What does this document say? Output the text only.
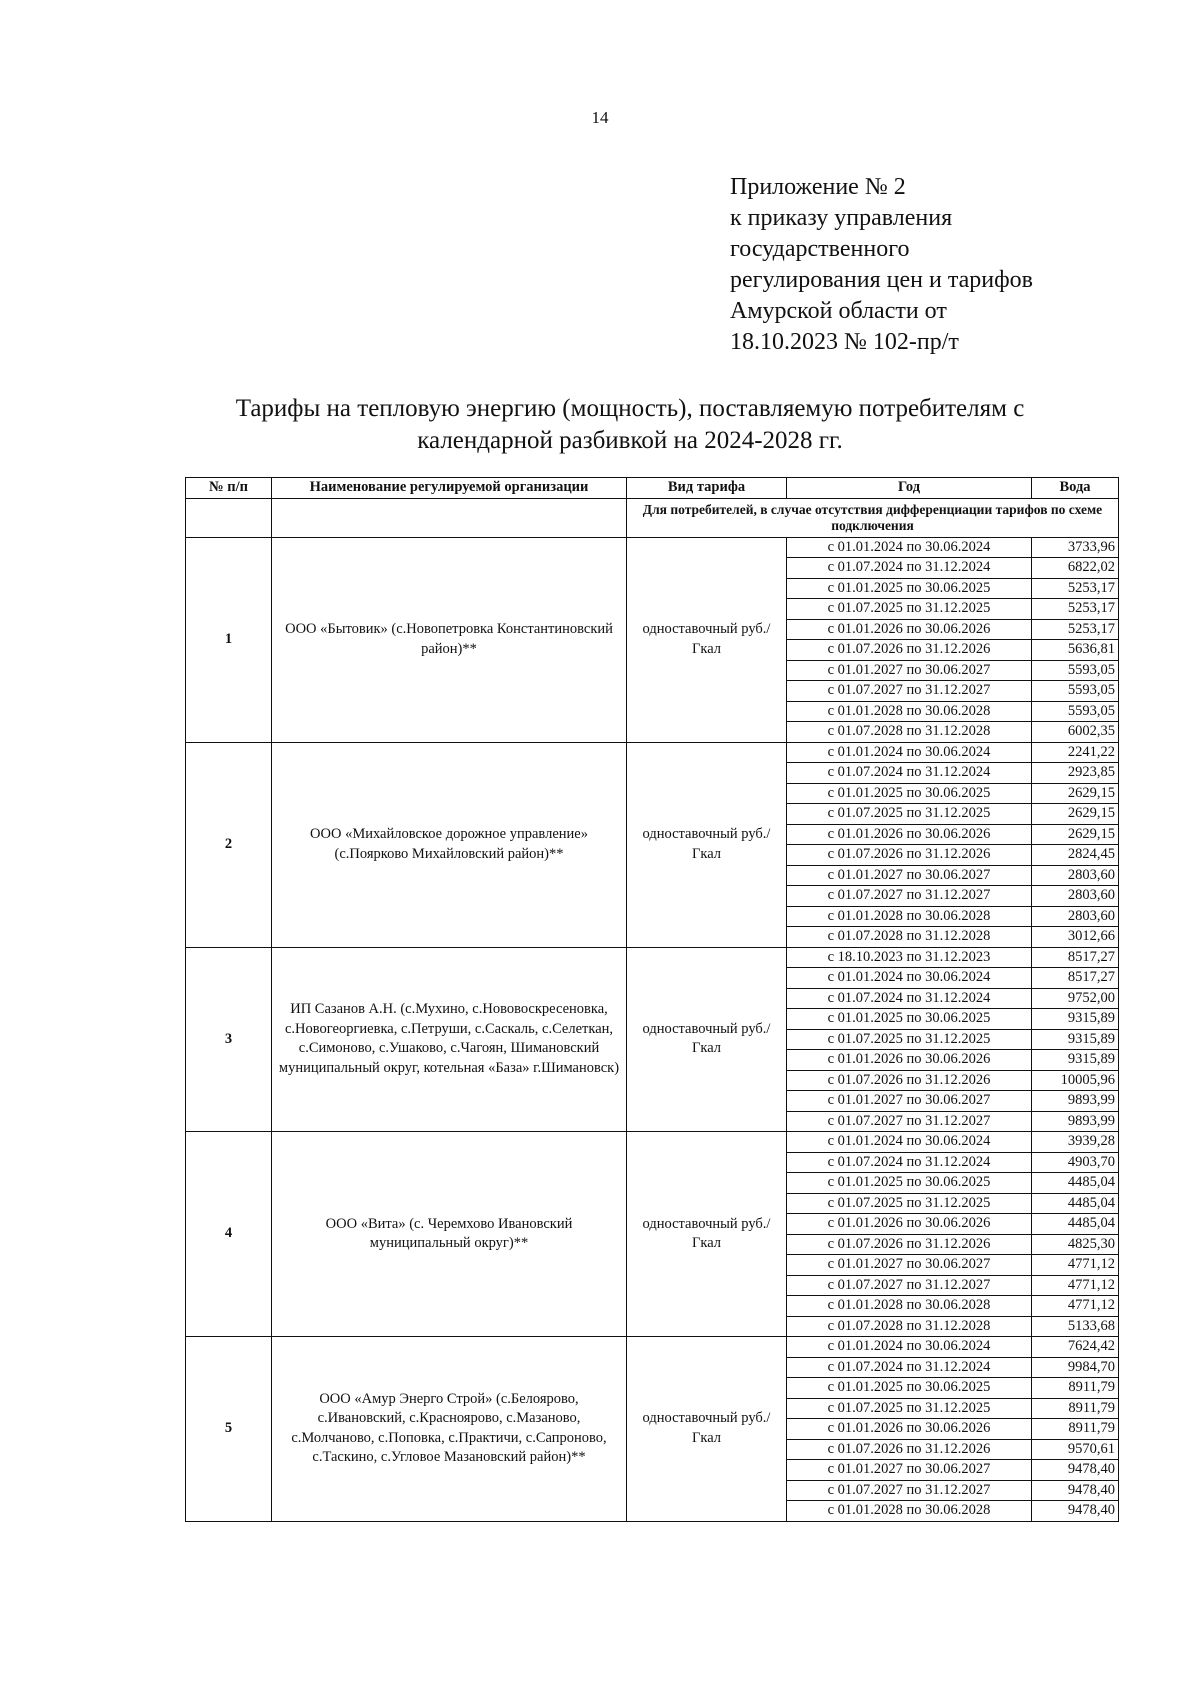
14
Приложение № 2
к приказу управления
государственного
регулирования цен и тарифов
Амурской области от
18.10.2023 № 102-пр/т
Тарифы на тепловую энергию (мощность), поставляемую потребителям с
календарной разбивкой на 2024-2028 гг.
№ п/п	Наименование регулируемой организации	Вид тарифа	Год	Вода
		Для потребителей, в случае отсутствия дифференциации тарифов по схеме подключения		
1	ООО «Бытовик» (с.Новопетровка Константиновский район)**	одноставочный руб./Гкал	с 01.01.2024 по 30.06.2024	3733,96
			с 01.07.2024 по 31.12.2024	6822,02
			с 01.01.2025 по 30.06.2025	5253,17
			с 01.07.2025 по 31.12.2025	5253,17
			с 01.01.2026 по 30.06.2026	5253,17
			с 01.07.2026 по 31.12.2026	5636,81
			с 01.01.2027 по 30.06.2027	5593,05
			с 01.07.2027 по 31.12.2027	5593,05
			с 01.01.2028 по 30.06.2028	5593,05
			с 01.07.2028 по 31.12.2028	6002,35
2	ООО «Михайловское дорожное управление» (с.Поярково Михайловский район)**	одноставочный руб./Гкал	с 01.01.2024 по 30.06.2024	2241,22
			с 01.07.2024 по 31.12.2024	2923,85
			с 01.01.2025 по 30.06.2025	2629,15
			с 01.07.2025 по 31.12.2025	2629,15
			с 01.01.2026 по 30.06.2026	2629,15
			с 01.07.2026 по 31.12.2026	2824,45
			с 01.01.2027 по 30.06.2027	2803,60
			с 01.07.2027 по 31.12.2027	2803,60
			с 01.01.2028 по 30.06.2028	2803,60
			с 01.07.2028 по 31.12.2028	3012,66
3	ИП Сазанов А.Н. (с.Мухино, с.Нововоскресеновка, с.Новогеоргиевка, с.Петруши, с.Саскаль, с.Селеткан, с.Симоново, с.Ушаково, с.Чагоян, Шимановский муниципальный округ, котельная «База» г.Шимановск)	одноставочный руб./Гкал	с 18.10.2023 по 31.12.2023	8517,27
			с 01.01.2024 по 30.06.2024	8517,27
			с 01.07.2024 по 31.12.2024	9752,00
			с 01.01.2025 по 30.06.2025	9315,89
			с 01.07.2025 по 31.12.2025	9315,89
			с 01.01.2026 по 30.06.2026	9315,89
			с 01.07.2026 по 31.12.2026	10005,96
			с 01.01.2027 по 30.06.2027	9893,99
			с 01.07.2027 по 31.12.2027	9893,99
4	ООО «Вита» (с. Черемхово Ивановский муниципальный округ)**	одноставочный руб./Гкал	с 01.01.2024 по 30.06.2024	3939,28
			с 01.07.2024 по 31.12.2024	4903,70
			с 01.01.2025 по 30.06.2025	4485,04
			с 01.07.2025 по 31.12.2025	4485,04
			с 01.01.2026 по 30.06.2026	4485,04
			с 01.07.2026 по 31.12.2026	4825,30
			с 01.01.2027 по 30.06.2027	4771,12
			с 01.07.2027 по 31.12.2027	4771,12
			с 01.01.2028 по 30.06.2028	4771,12
			с 01.07.2028 по 31.12.2028	5133,68
5	ООО «Амур Энерго Строй» (с.Белоярово, с.Ивановский, с.Красноярово, с.Мазаново, с.Молчаново, с.Поповка, с.Практичи, с.Сапроново, с.Таскино, с.Угловое Мазановский район)**	одноставочный руб./Гкал	с 01.01.2024 по 30.06.2024	7624,42
			с 01.07.2024 по 31.12.2024	9984,70
			с 01.01.2025 по 30.06.2025	8911,79
			с 01.07.2025 по 31.12.2025	8911,79
			с 01.01.2026 по 30.06.2026	8911,79
			с 01.07.2026 по 31.12.2026	9570,61
			с 01.01.2027 по 30.06.2027	9478,40
			с 01.07.2027 по 31.12.2027	9478,40
			с 01.01.2028 по 30.06.2028	9478,40
